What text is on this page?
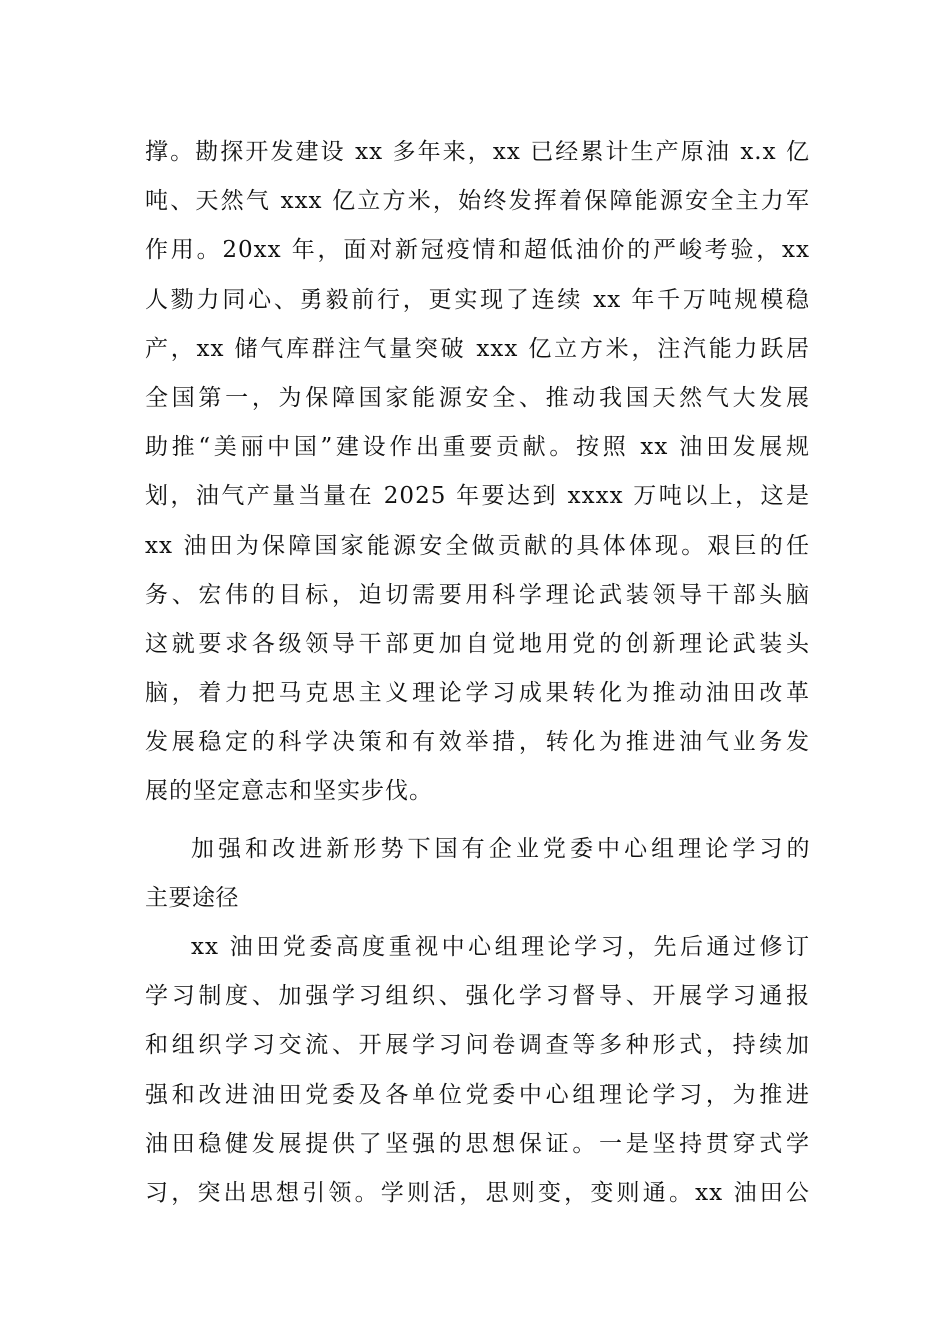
撑。勘探开发建设 xx 多年来，xx 已经累计生产原油 x.x 亿
吨、天然气 xxx 亿立方米，始终发挥着保障能源安全主力军
作用。20xx 年，面对新冠疫情和超低油价的严峻考验，xx
人勠力同心、勇毅前行，更实现了连续 xx 年千万吨规模稳
产，xx 储气库群注气量突破 xxx 亿立方米，注汽能力跃居
全国第一，为保障国家能源安全、推动我国天然气大发展
助推“美丽中国”建设作出重要贡献。按照 xx 油田发展规
划，油气产量当量在 2025 年要达到 xxxx 万吨以上，这是
xx 油田为保障国家能源安全做贡献的具体体现。艰巨的任
务、宏伟的目标，迫切需要用科学理论武装领导干部头脑
这就要求各级领导干部更加自觉地用党的创新理论武装头
脑，着力把马克思主义理论学习成果转化为推动油田改革
发展稳定的科学决策和有效举措，转化为推进油气业务发
展的坚定意志和坚实步伐。
加强和改进新形势下国有企业党委中心组理论学习的
主要途径
xx 油田党委高度重视中心组理论学习，先后通过修订
学习制度、加强学习组织、强化学习督导、开展学习通报
和组织学习交流、开展学习问卷调查等多种形式，持续加
强和改进油田党委及各单位党委中心组理论学习，为推进
油田稳健发展提供了坚强的思想保证。一是坚持贯穿式学
习，突出思想引领。学则活，思则变，变则通。xx 油田公
